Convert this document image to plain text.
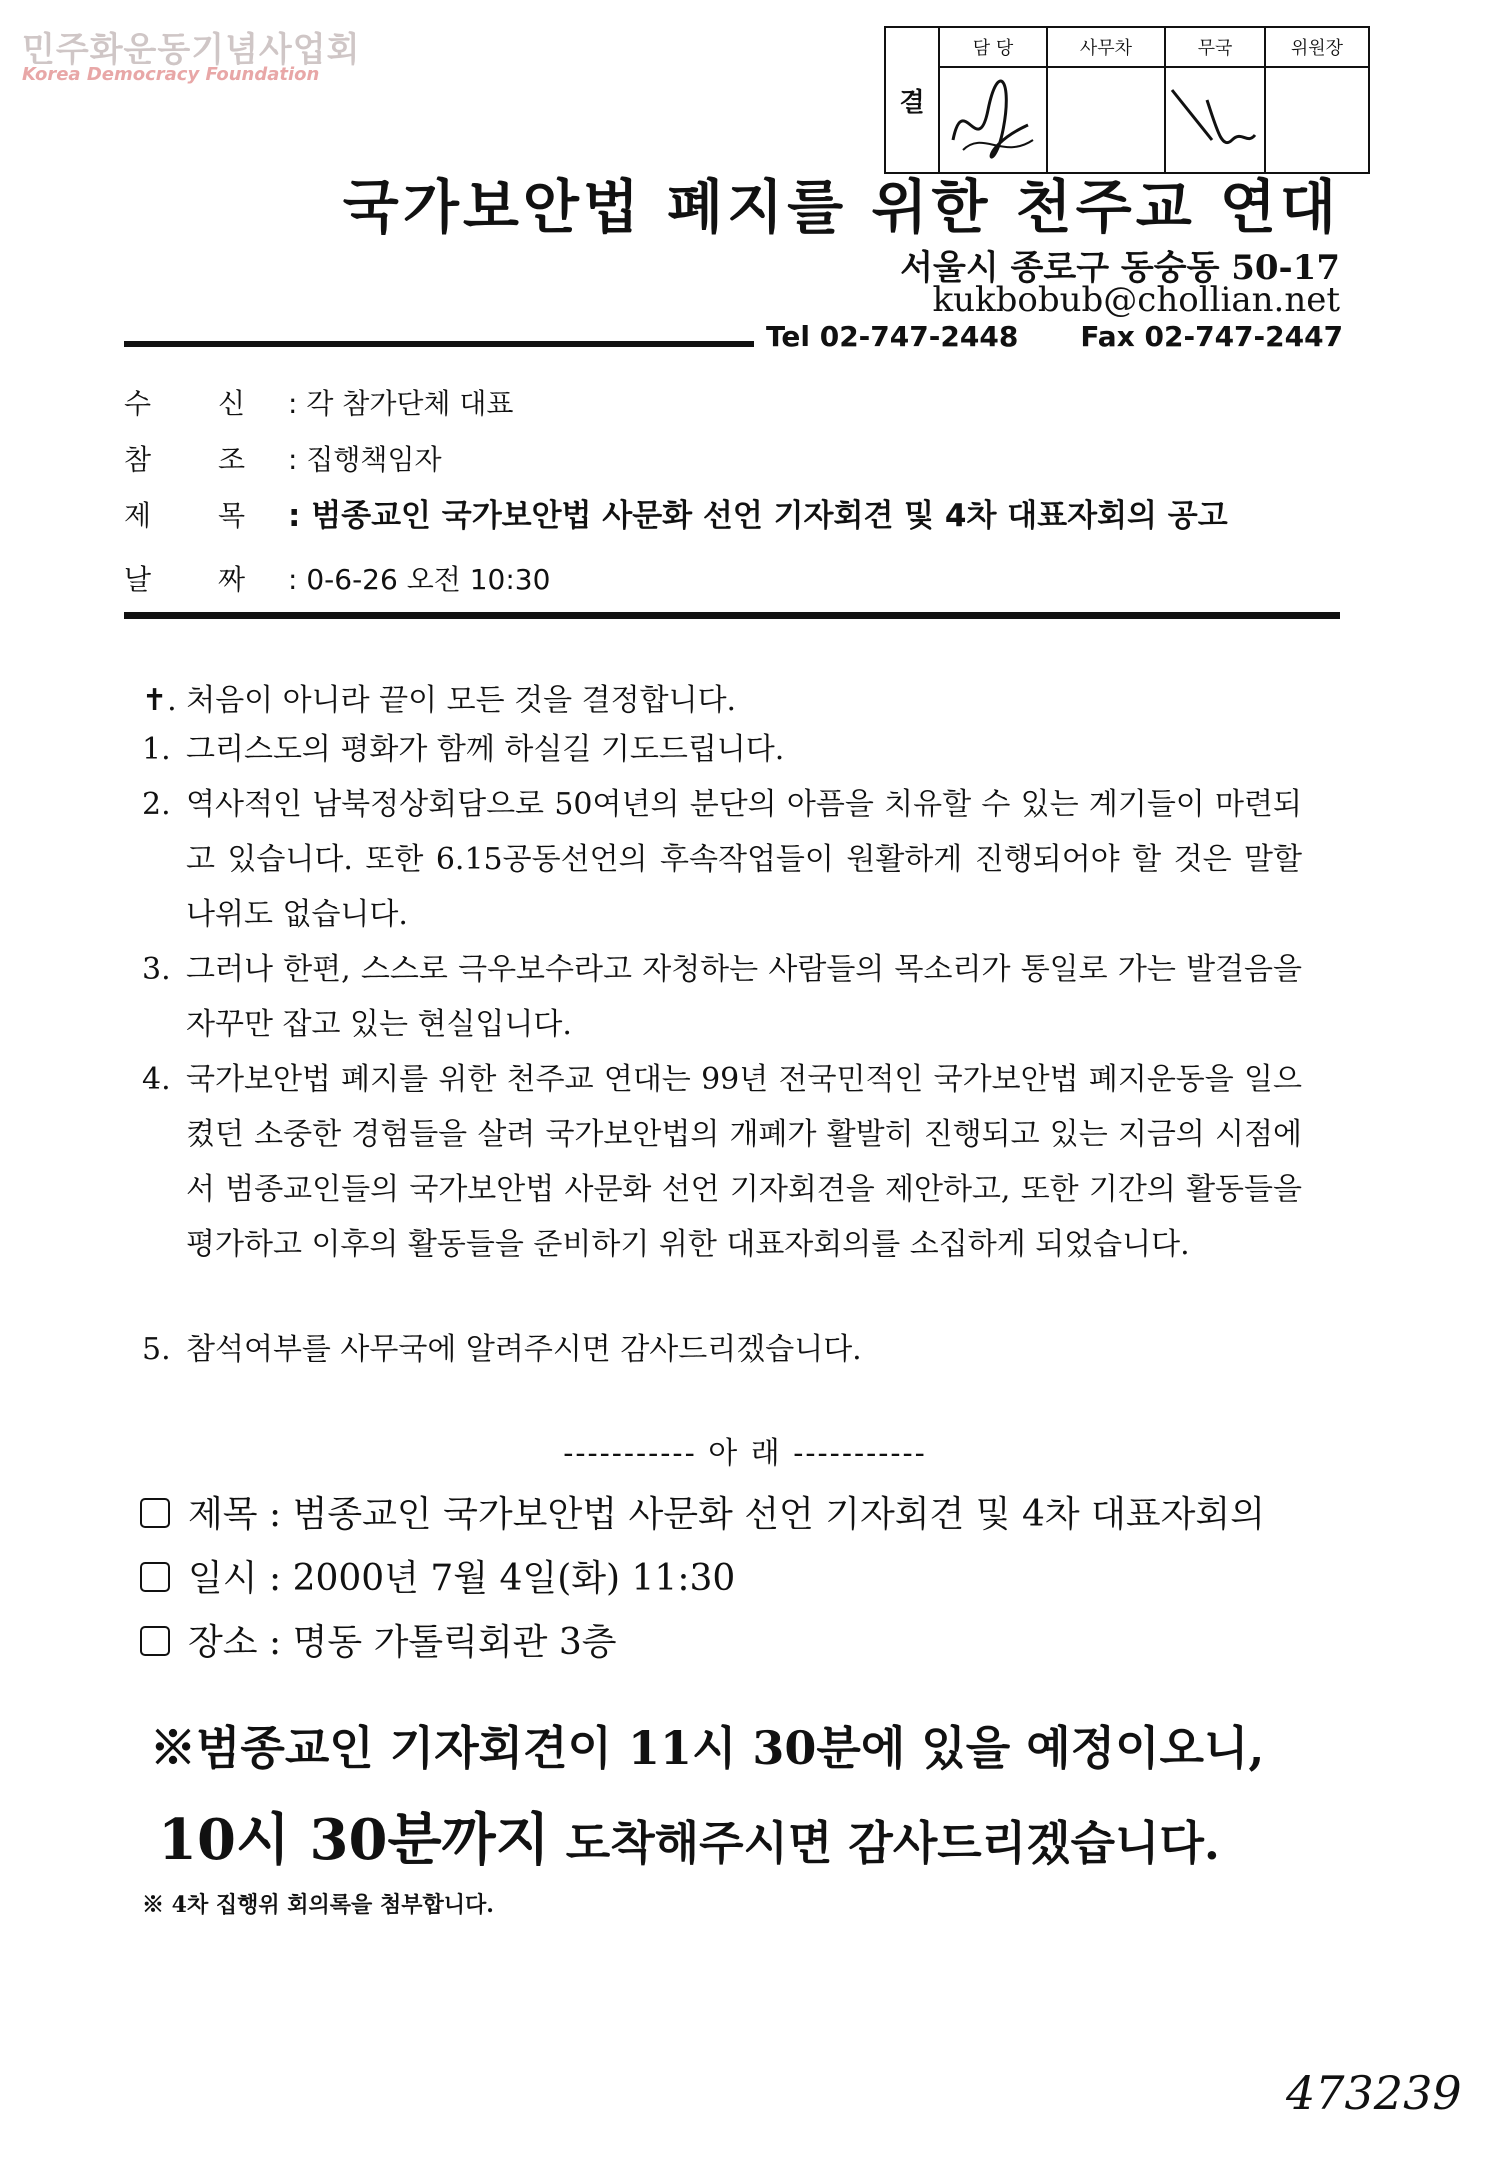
민주화운동기념사업회
Korea Democracy Foundation
결	담 당	사무차	무국	위원장

국가보안법 폐지를 위한 천주교 연대
서울시 종로구 동숭동 50-17
kukbobub@chollian.net
Tel 02-747-2448 Fax 02-747-2447
수 신 : 각 참가단체 대표
참 조 : 집행책임자
제 목 : 범종교인 국가보안법 사문화 선언 기자회견 및 4차 대표자회의 공고
날 짜 : 0-6-26 오전 10:30
✝. 처음이 아니라 끝이 모든 것을 결정합니다.
1. 그리스도의 평화가 함께 하실길 기도드립니다.
2. 역사적인 남북정상회담으로 50여년의 분단의 아픔을 치유할 수 있는 계기들이 마련되고 있습니다. 또한 6.15공동선언의 후속작업들이 원활하게 진행되어야 할 것은 말할 나위도 없습니다.
3. 그러나 한편, 스스로 극우보수라고 자청하는 사람들의 목소리가 통일로 가는 발걸음을 자꾸만 잡고 있는 현실입니다.
4. 국가보안법 폐지를 위한 천주교 연대는 99년 전국민적인 국가보안법 폐지운동을 일으켰던 소중한 경험들을 살려 국가보안법의 개폐가 활발히 진행되고 있는 지금의 시점에서 범종교인들의 국가보안법 사문화 선언 기자회견을 제안하고, 또한 기간의 활동들을 평가하고 이후의 활동들을 준비하기 위한 대표자회의를 소집하게 되었습니다.
5. 참석여부를 사무국에 알려주시면 감사드리겠습니다.
----------- 아 래 -----------
제목 : 범종교인 국가보안법 사문화 선언 기자회견 및 4차 대표자회의
일시 : 2000년 7월 4일(화) 11:30
장소 : 명동 가톨릭회관 3층
※범종교인 기자회견이 11시 30분에 있을 예정이오니,
10시 30분까지 도착해주시면 감사드리겠습니다.
※ 4차 집행위 회의록을 첨부합니다.
473239
